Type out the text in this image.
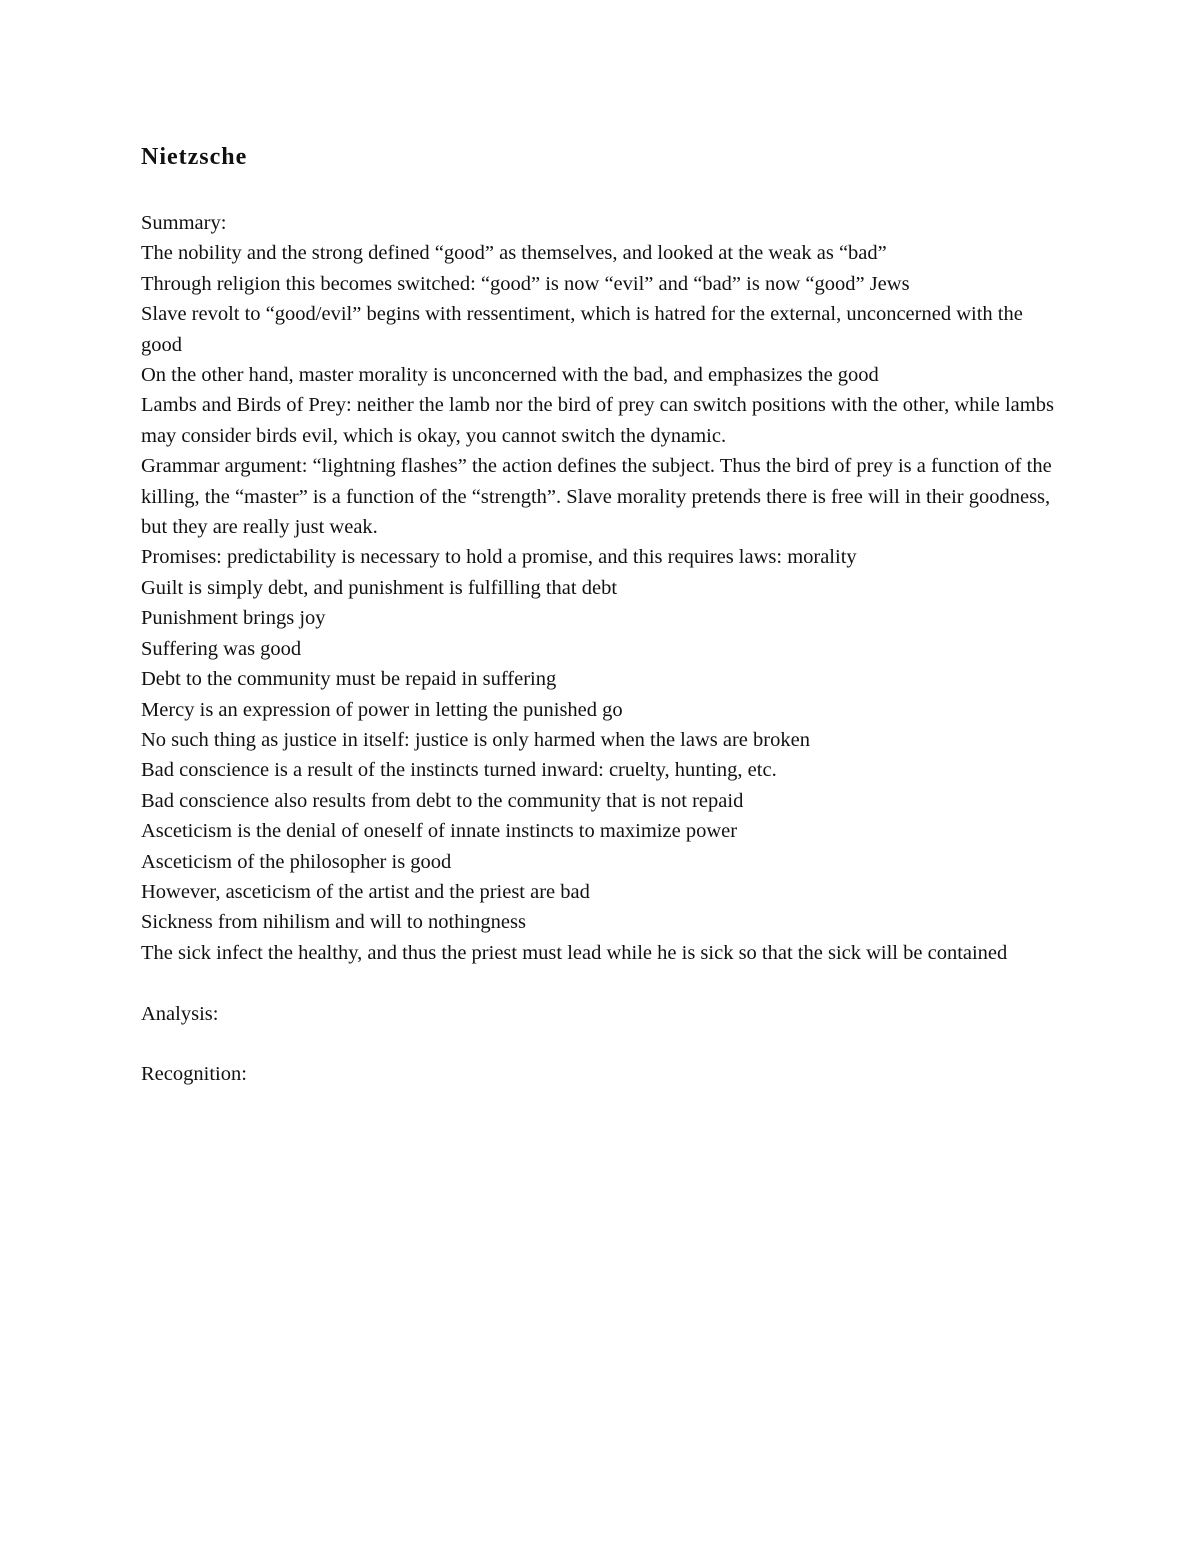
Nietzsche

Summary:

The nobility and the strong defined “good” as themselves, and looked at the weak as “bad”
Through religion this becomes switched: “good” is now “evil” and “bad” is now “good” Jews
Slave revolt to “good/evil” begins with ressentiment, which is hatred for the external, unconcerned with the good
On the other hand, master morality is unconcerned with the bad, and emphasizes the good
Lambs and Birds of Prey: neither the lamb nor the bird of prey can switch positions with the other, while lambs may consider birds evil, which is okay, you cannot switch the dynamic.
Grammar argument: “lightning flashes” the action defines the subject. Thus the bird of prey is a function of the killing, the “master” is a function of the “strength”. Slave morality pretends there is free will in their goodness, but they are really just weak.
Promises: predictability is necessary to hold a promise, and this requires laws: morality
Guilt is simply debt, and punishment is fulfilling that debt
Punishment brings joy
Suffering was good
Debt to the community must be repaid in suffering
Mercy is an expression of power in letting the punished go
No such thing as justice in itself: justice is only harmed when the laws are broken
Bad conscience is a result of the instincts turned inward: cruelty, hunting, etc.
Bad conscience also results from debt to the community that is not repaid
Asceticism is the denial of oneself of innate instincts to maximize power
Asceticism of the philosopher is good
However, asceticism of the artist and the priest are bad
Sickness from nihilism and will to nothingness
The sick infect the healthy, and thus the priest must lead while he is sick so that the sick will be contained

Analysis:

Recognition:
